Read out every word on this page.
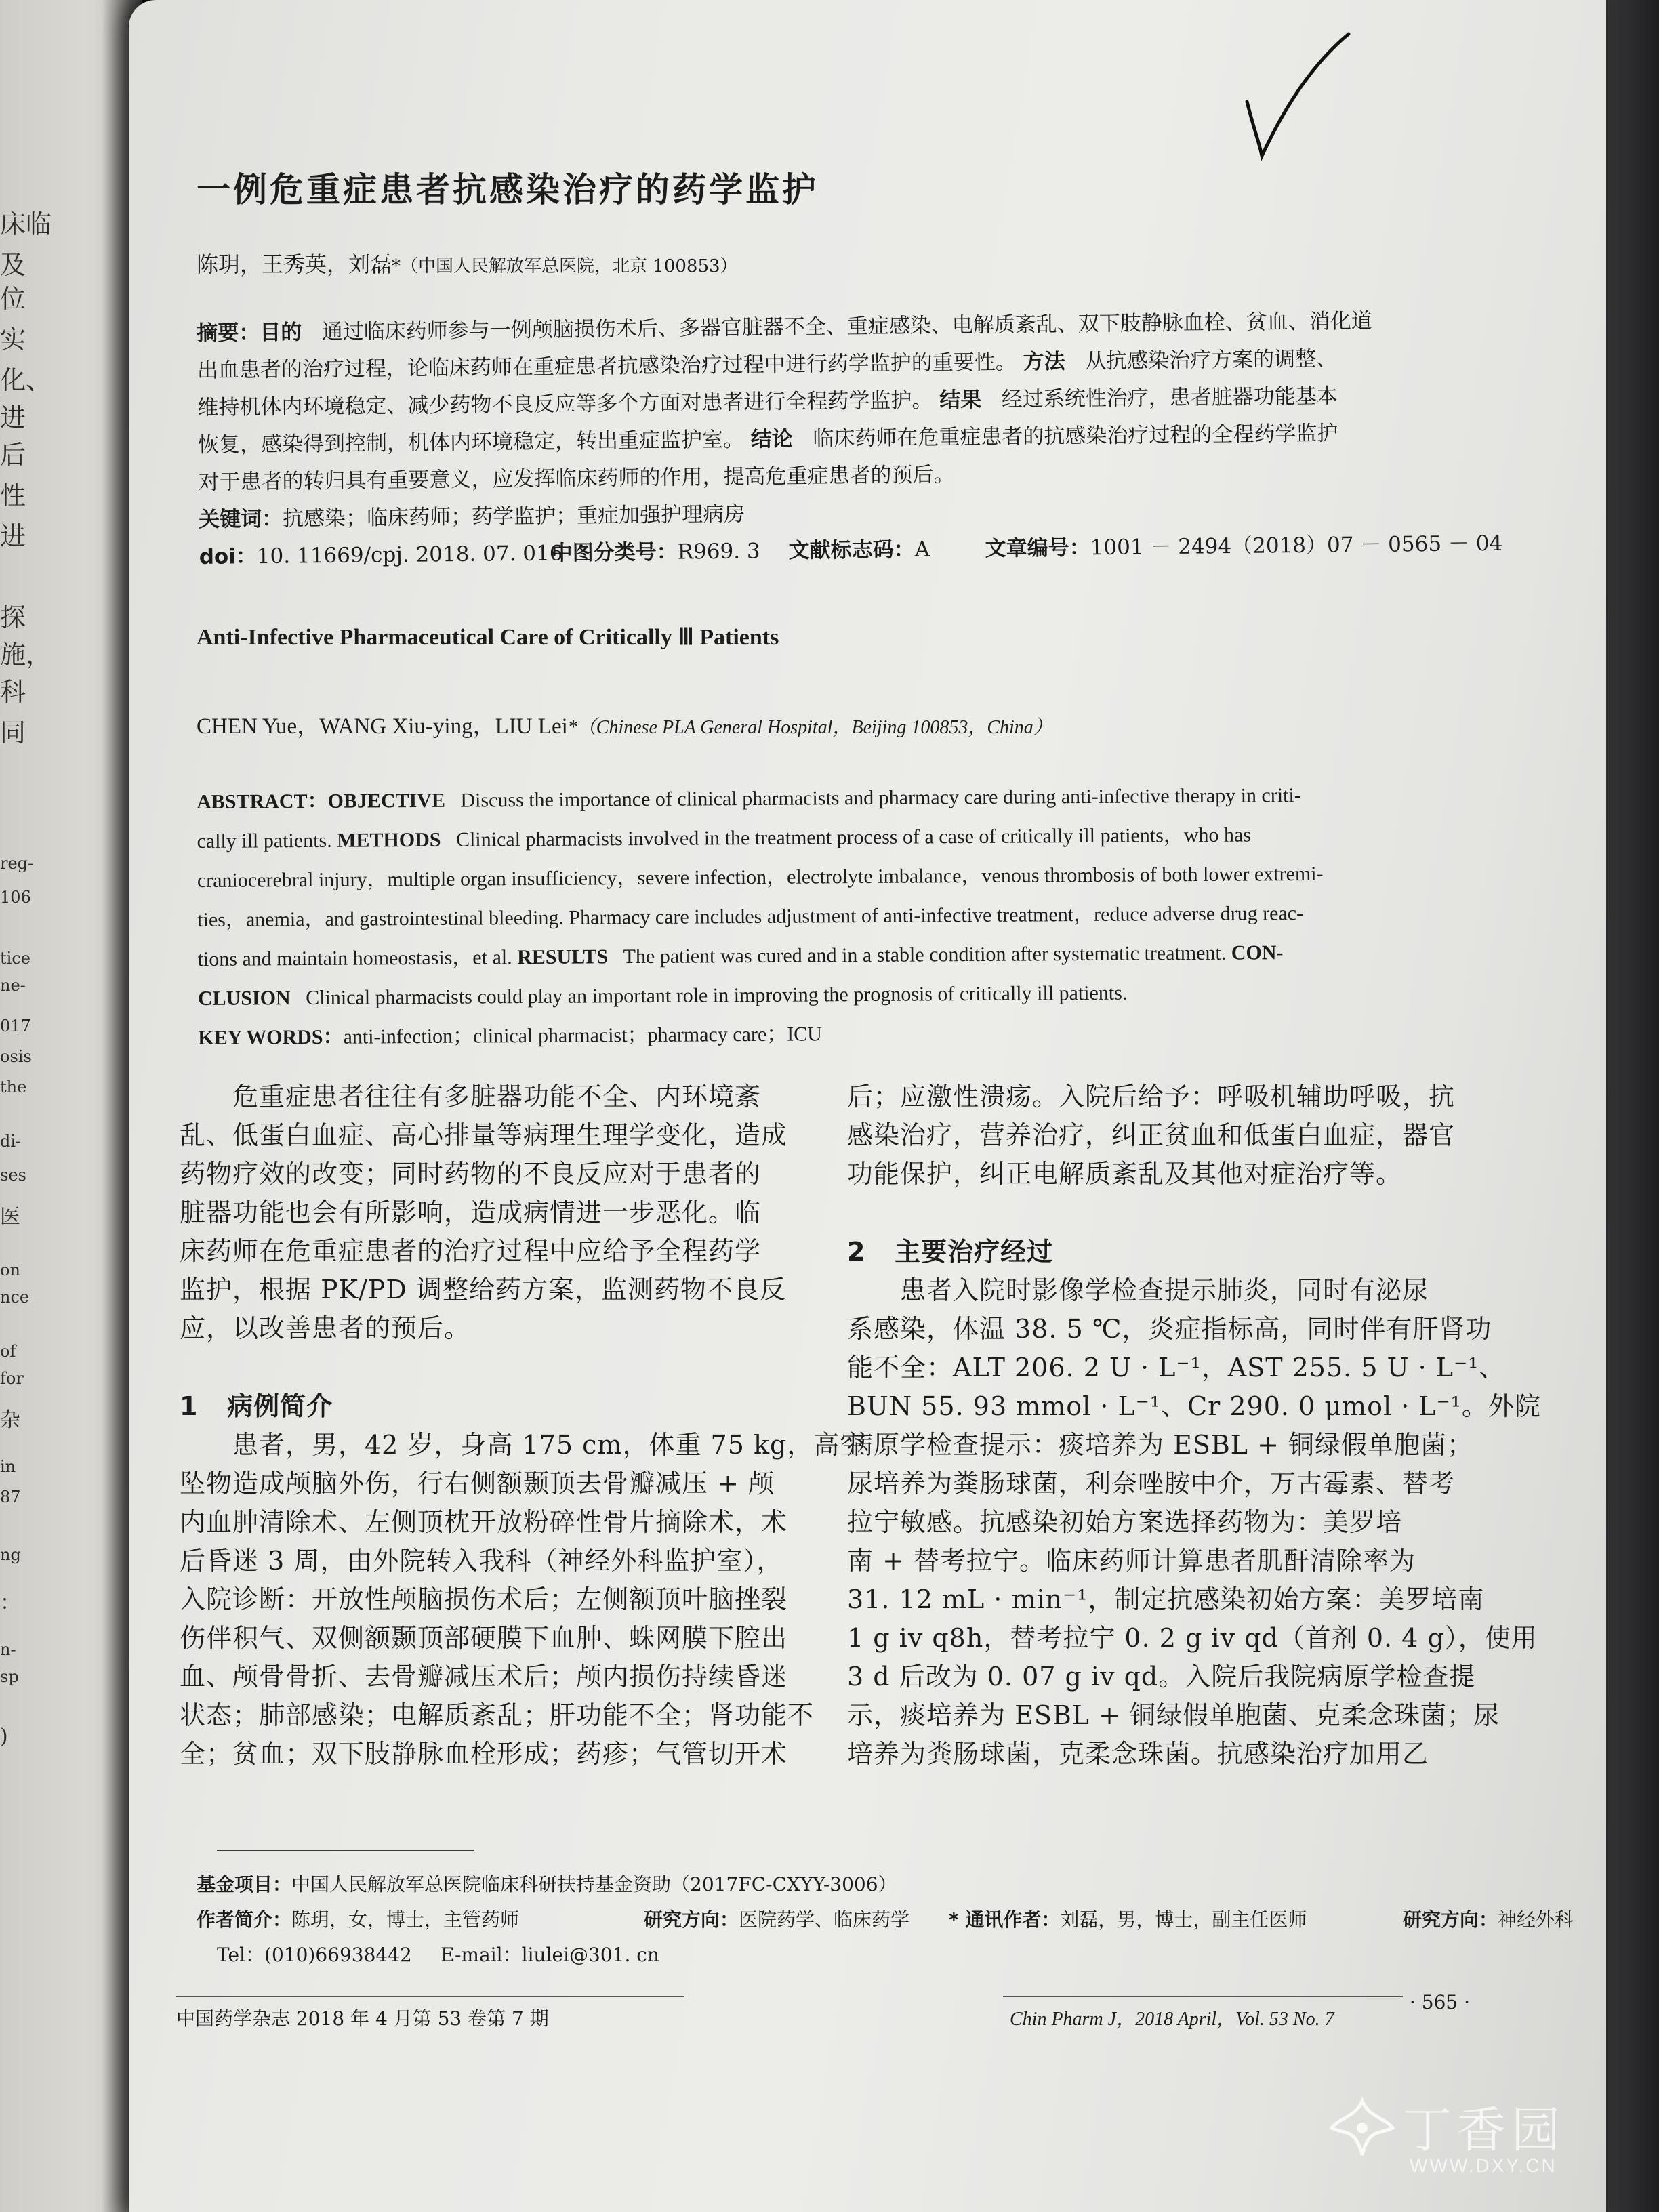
床临
及
位
实
化、
进
后
性
进
探
施，
科
同
reg-
106
tice
ne-
017
osis
the
di-
ses
医
on
nce
of
for
杂
in
87
ng
：
n-
sp
)
一例危重症患者抗感染治疗的药学监护
陈玥，王秀英，刘磊*（中国人民解放军总医院，北京 100853）
摘要：目的 通过临床药师参与一例颅脑损伤术后、多器官脏器不全、重症感染、电解质紊乱、双下肢静脉血栓、贫血、消化道
出血患者的治疗过程，论临床药师在重症患者抗感染治疗过程中进行药学监护的重要性。 方法 从抗感染治疗方案的调整、
维持机体内环境稳定、减少药物不良反应等多个方面对患者进行全程药学监护。 结果 经过系统性治疗，患者脏器功能基本
恢复，感染得到控制，机体内环境稳定，转出重症监护室。 结论 临床药师在危重症患者的抗感染治疗过程的全程药学监护
对于患者的转归具有重要意义，应发挥临床药师的作用，提高危重症患者的预后。
关键词：抗感染；临床药师；药学监护；重症加强护理病房
doi：10. 11669/cpj. 2018. 07. 016
中图分类号：R969. 3 文献标志码：A	文章编号：1001 － 2494（2018）07 － 0565 － 04
Anti-Infective Pharmaceutical Care of Critically Ⅲ Patients
CHEN Yue，WANG Xiu-ying，LIU Lei*（Chinese PLA General Hospital，Beijing 100853，China）
ABSTRACT：OBJECTIVE Discuss the importance of clinical pharmacists and pharmacy care during anti-infective therapy in criti-
cally ill patients. METHODS Clinical pharmacists involved in the treatment process of a case of critically ill patients，who has
craniocerebral injury，multiple organ insufficiency，severe infection，electrolyte imbalance，venous thrombosis of both lower extremi-
ties，anemia，and gastrointestinal bleeding. Pharmacy care includes adjustment of anti-infective treatment，reduce adverse drug reac-
tions and maintain homeostasis，et al. RESULTS The patient was cured and in a stable condition after systematic treatment. CON-
CLUSION Clinical pharmacists could play an important role in improving the prognosis of critically ill patients.
KEY WORDS：anti-infection；clinical pharmacist；pharmacy care；ICU
危重症患者往往有多脏器功能不全、内环境紊
乱、低蛋白血症、高心排量等病理生理学变化，造成
药物疗效的改变；同时药物的不良反应对于患者的
脏器功能也会有所影响，造成病情进一步恶化。临
床药师在危重症患者的治疗过程中应给予全程药学
监护，根据 PK/PD 调整给药方案，监测药物不良反
应，以改善患者的预后。
1 病例简介
患者，男，42 岁，身高 175 cm，体重 75 kg，高空
坠物造成颅脑外伤，行右侧额颞顶去骨瓣减压 + 颅
内血肿清除术、左侧顶枕开放粉碎性骨片摘除术，术
后昏迷 3 周，由外院转入我科（神经外科监护室），
入院诊断：开放性颅脑损伤术后；左侧额顶叶脑挫裂
伤伴积气、双侧额颞顶部硬膜下血肿、蛛网膜下腔出
血、颅骨骨折、去骨瓣减压术后；颅内损伤持续昏迷
状态；肺部感染；电解质紊乱；肝功能不全；肾功能不
全；贫血；双下肢静脉血栓形成；药疹；气管切开术
后；应激性溃疡。入院后给予：呼吸机辅助呼吸，抗
感染治疗，营养治疗，纠正贫血和低蛋白血症，器官
功能保护，纠正电解质紊乱及其他对症治疗等。
2 主要治疗经过
患者入院时影像学检查提示肺炎，同时有泌尿
系感染，体温 38. 5 ℃，炎症指标高，同时伴有肝肾功
能不全：ALT 206. 2 U · L⁻¹，AST 255. 5 U · L⁻¹、
BUN 55. 93 mmol · L⁻¹、Cr 290. 0 μmol · L⁻¹。外院
病原学检查提示：痰培养为 ESBL + 铜绿假单胞菌；
尿培养为粪肠球菌，利奈唑胺中介，万古霉素、替考
拉宁敏感。抗感染初始方案选择药物为：美罗培
南 + 替考拉宁。临床药师计算患者肌酐清除率为
31. 12 mL · min⁻¹，制定抗感染初始方案：美罗培南
1 g iv q8h，替考拉宁 0. 2 g iv qd（首剂 0. 4 g），使用
3 d 后改为 0. 07 g iv qd。入院后我院病原学检查提
示，痰培养为 ESBL + 铜绿假单胞菌、克柔念珠菌；尿
培养为粪肠球菌，克柔念珠菌。抗感染治疗加用乙
基金项目：中国人民解放军总医院临床科研扶持基金资助（2017FC-CXYY-3006）
作者简介：陈玥，女，博士，主管药师	研究方向：医院药学、临床药学 * 通讯作者：刘磊，男，博士，副主任医师	研究方向：神经外科
Tel：(010)66938442 E-mail：liulei@301. cn
中国药学杂志 2018 年 4 月第 53 卷第 7 期	Chin Pharm J，2018 April，Vol. 53 No. 7
· 565 ·
丁香园
WWW.DXY.CN
